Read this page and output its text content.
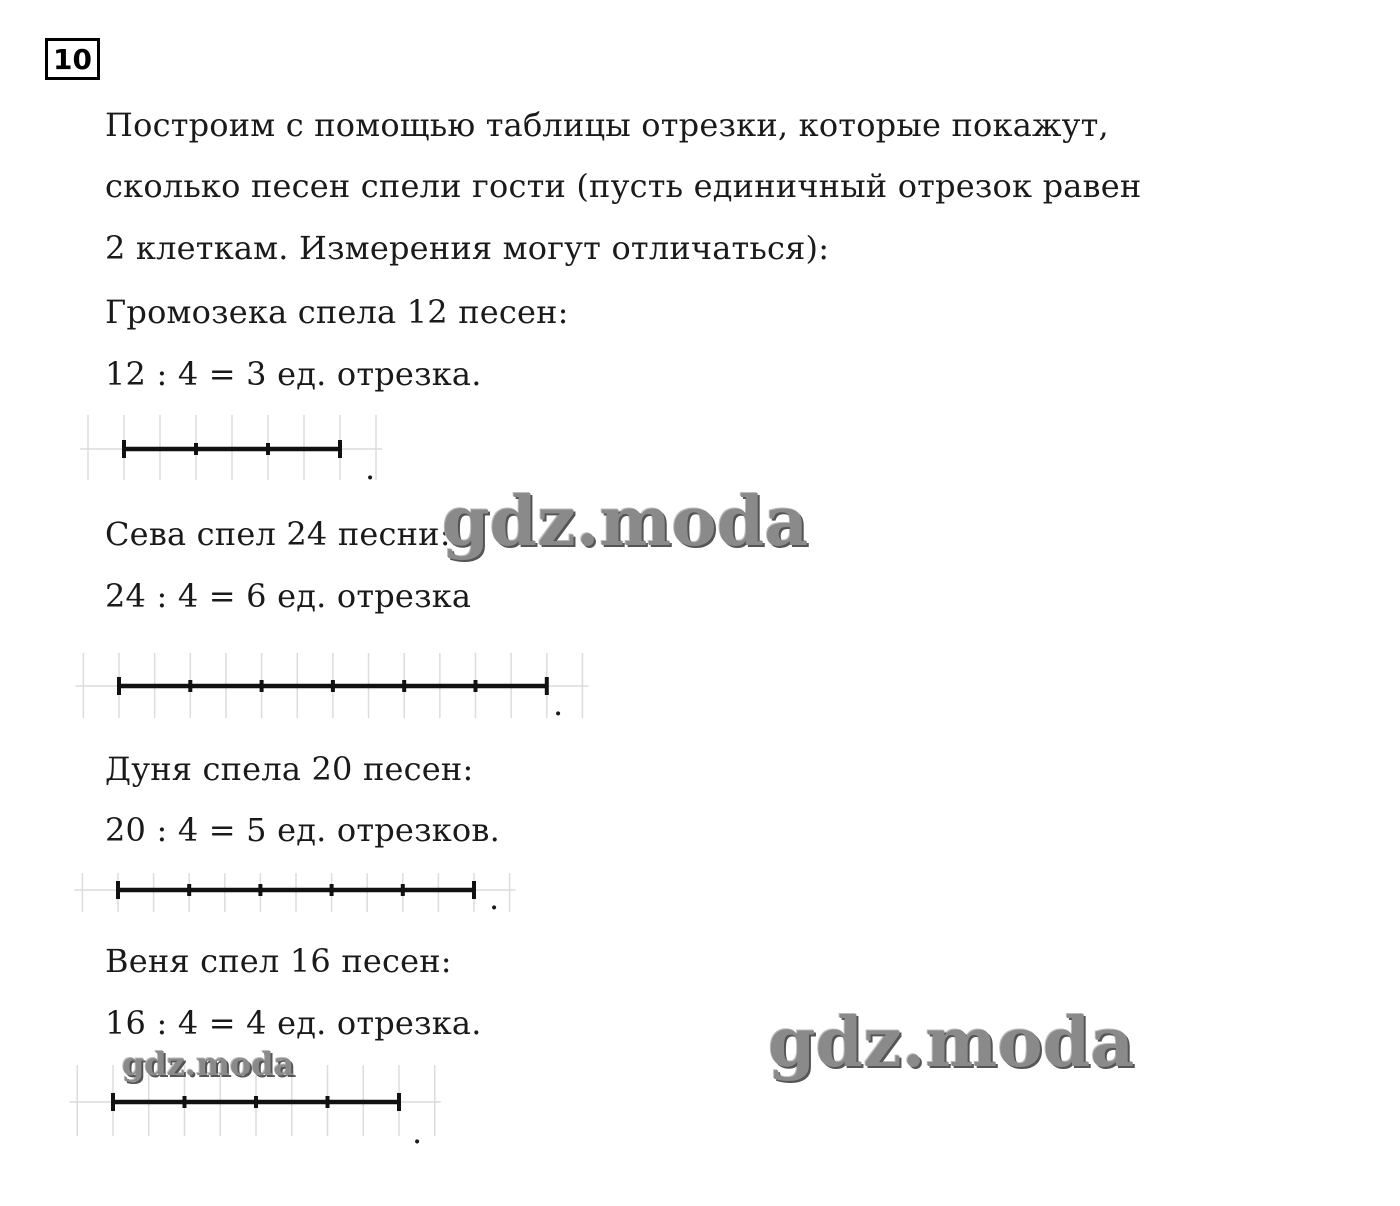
10
Построим с помощью таблицы отрезки, которые покажут,
сколько песен спели гости (пусть единичный отрезок равен
2 клеткам. Измерения могут отличаться):
Громозека спела 12 песен:
12 : 4 = 3 ед. отрезка.
.
Сева спел 24 песни:
24 : 4 = 6 ед. отрезка
.
Дуня спела 20 песен:
20 : 4 = 5 ед. отрезков.
.
Веня спел 16 песен:
16 : 4 = 4 ед. отрезка.
.
gdz.moda
gdz.moda
gdz.moda
